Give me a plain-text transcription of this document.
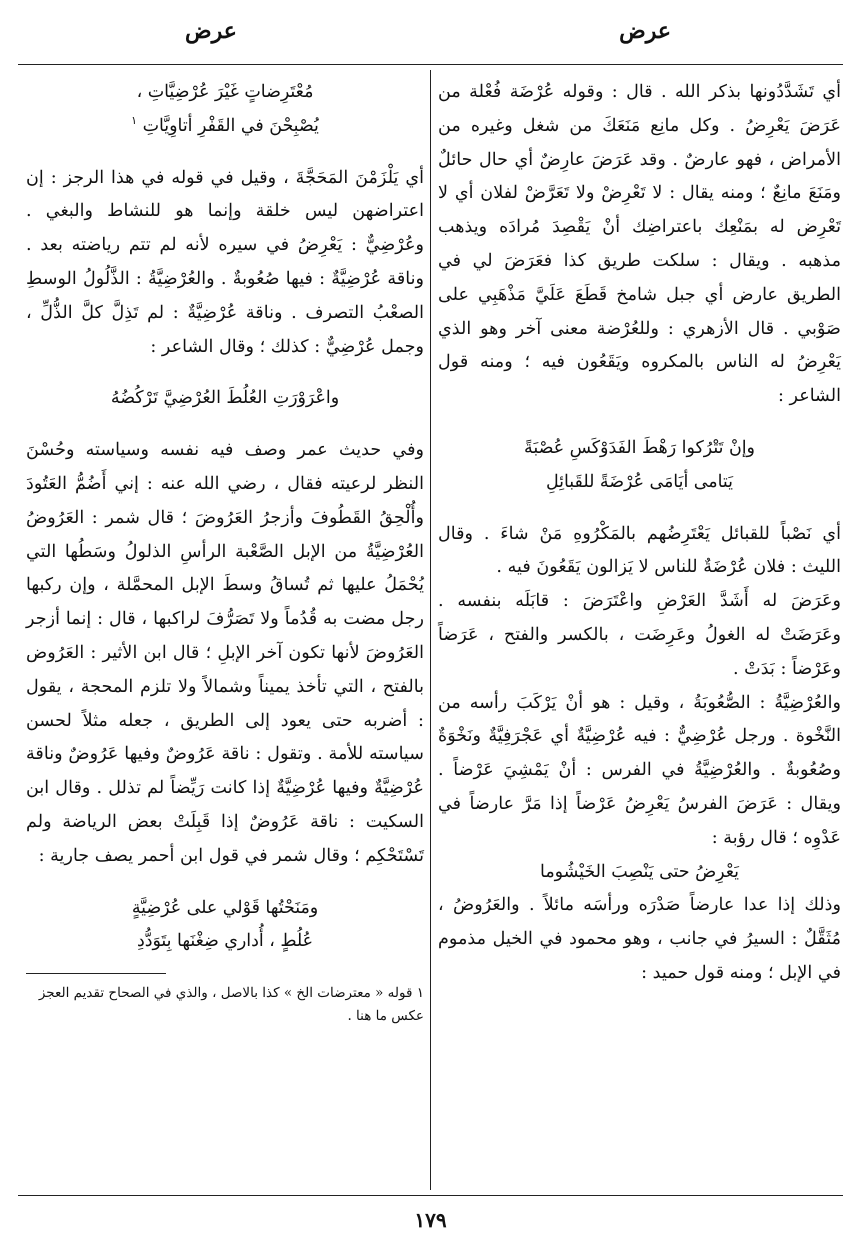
عرض
عرض

أي تَشَدَّدُونها بذكر الله . قال : وقوله عُرْضَة فُعْلة من عَرَضَ يَعْرِضُ . وكل مانِع مَنَعَكَ من شغل وغيره من الأمراض ، فهو عارضٌ . وقد عَرَضَ عارِضٌ أي حال حائلٌ ومَنَعَ مانِعٌ ؛ ومنه يقال : لا تَعْرِضْ ولا تَعَرَّضْ لفلان أي لا تَعْرِض له بمَنْعِك باعتراضِك أنْ يَقْصِدَ مُرادَه ويذهب مذهبه . ويقال : سلكت طريق كذا فعَرَضَ لي في الطريق عارض أي جبل شامخ قَطَعَ عَلَيَّ مَذْهَبِي على صَوْبي . قال الأزهري : وللعُرْضة معنى آخر وهو الذي يَعْرِضُ له الناس بالمكروه ويَقَعُون فيه ؛ ومنه قول الشاعر :

وإنْ تَتْرُكوا رَهْطَ الفَدَوْكَسِ عُصْبَةً

يَتامى أيَامَى عُرْضَةً للقَبائِلِ

أي نَصْباً للقبائل يَعْتَرِضُهم بالمَكْرُوهِ مَنْ شاءَ . وقال الليث : فلان عُرْضَةٌ للناس لا يَزالون يَقَعُونَ فيه .

وعَرَضَ له أَشَدَّ العَرْضِ واعْتَرَضَ : قابَلَه بنفسه . وعَرَضَتْ له الغولُ وعَرِضَت ، بالكسر والفتح ، عَرَضاً وعَرْضاً : بَدَتْ .

والعُرْضِيَّةُ : الصُّعُوبَةُ ، وقيل : هو أنْ يَرْكَبَ رأسه من النَّخْوة . ورجل عُرْضِيٌّ : فيه عُرْضِيَّةٌ أي عَجْرَفِيَّةٌ ونَخْوَةٌ وصُعُوبةٌ . والعُرْضِيَّةُ في الفرس : أنْ يَمْشِيَ عَرْضاً . ويقال : عَرَضَ الفرسُ يَعْرِضُ عَرْضاً إذا مَرَّ عارضاً في عَدْوِه ؛ قال رؤبة :

يَعْرِضُ حتى يَنْصِبَ الخَيْشُوما

وذلك إذا عدا عارضاً صَدْرَه ورأسَه مائلاً . والعَرُوضُ ، مُثَقَّلٌ : السيرُ في جانب ، وهو محمود في الخيل مذموم في الإبل ؛ ومنه قول حميد :

مُعْتَرِضاتٍ غَيْرَ عُرْضِيَّاتِ ،

يُصْبِحْنَ في القَفْرِ أتاوِيَّاتِ $^١$

أي يَلْزَمْنَ المَحَجَّةَ ، وقيل في قوله في هذا الرجز : إن اعتراضهن ليس خلقة وإنما هو للنشاط والبغي . وعُرْضِيٌّ : يَعْرِضُ في سيره لأنه لم تتم رياضته بعد . وناقة عُرْضِيَّةٌ : فيها صُعُوبةٌ . والعُرْضِيَّةُ : الذَّلُولُ الوسطِ الصعْبُ التصرف . وناقة عُرْضِيَّةٌ : لم تَذِلَّ كلَّ الذُّلِّ ، وجمل عُرْضِيٌّ : كذلك ؛ وقال الشاعر :

واعْرَوْرَتِ العُلُطَ العُرْضِيَّ تَرْكُضُهُ

وفي حديث عمر وصف فيه نفسه وسياسته وحُسْنَ النظر لرعيته فقال ، رضي الله عنه : إني أَضُمُّ العَتُودَ وأُلْحِقُ القَطُوفَ وأزجرُ العَرُوضَ ؛ قال شمر : العَرُوضُ العُرْضِيَّةُ من الإبل الصَّعْبة الرأسِ الذلولُ وسَطُها التي يُحْمَلُ عليها ثم تُساقُ وسطَ الإبل المحمَّلة ، وإن ركبها رجل مضت به قُدُماً ولا تَصَرُّفَ لراكبها ، قال : إنما أزجر العَرُوضَ لأنها تكون آخر الإبلِ ؛ قال ابن الأثير : العَرُوض بالفتح ، التي تأخذ يميناً وشمالاً ولا تلزم المحجة ، يقول : أضربه حتى يعود إلى الطريق ، جعله مثلاً لحسن سياسته للأمة . وتقول : ناقة عَرُوضٌ وفيها عَرُوضٌ وناقة عُرْضِيَّةٌ وفيها عُرْضِيَّةٌ إذا كانت رَيِّضاً لم تذلل . وقال ابن السكيت : ناقة عَرُوضٌ إذا قَبِلَتْ بعض الرياضة ولم تَسْتَحْكِم ؛ وقال شمر في قول ابن أحمر يصف جارية :

ومَنَحْتُها قَوْلي على عُرْضِيَّةٍ

عُلُطٍ ، أُداري ضِغْنَها بِتَوَدُّدِ

١ قوله « معترضات الخ » كذا بالاصل ، والذي في الصحاح تقديم العجز عكس ما هنا .

١٧٩
